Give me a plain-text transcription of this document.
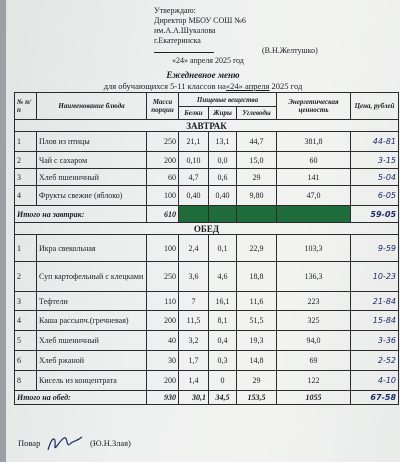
Утверждаю:
Директор МБОУ СОШ №6
им.А.А.Шукалова
г.Екатеринска
(В.Н.Желтушко)
«24» апреля 2025 год
Ежедневное меню
для обучающихся 5-11 классов на«24» апреля 2025 год
№ п/п	Наименование блюда	Масса порции	Пищевые вещества			Энергетическая ценность	Цена, рублей
			Белки	Жиры	Углеводы		
ЗАВТРАК							
1	Плов из птицы	250	21,1	13,1	44,7	381,8	44-81
2	Чай с сахаром	200	0,10	0,0	15,0	60	3-15
3	Хлеб пшеничный	60	4,7	0,6	29	141	5-04
4	Фрукты свежие (яблоко)	100	0,40	0,40	9,80	47,0	6-05
Итого на завтрак:		610					59-05
ОБЕД							
1	Икра свекольная	100	2,4	0,1	22,9	103,3	9-59
2	Суп картофельный с клецками	250	3,6	4,6	18,8	136,3	10-23
3	Тефтели	110	7	16,1	11,6	223	21-84
4	Каша рассыпч.(гречневая)	200	11,5	8,1	51,5	325	15-84
5	Хлеб пшеничный	40	3,2	0,4	19,3	94,0	3-36
6	Хлеб ржаной	30	1,7	0,3	14,8	69	2-52
8	Кисель из концентрата	200	1,4	0	29	122	4-10
Итого на обед:		930	30,1	34,5	153,5	1055	67-58
Повар	(Ю.Н.Злая)
